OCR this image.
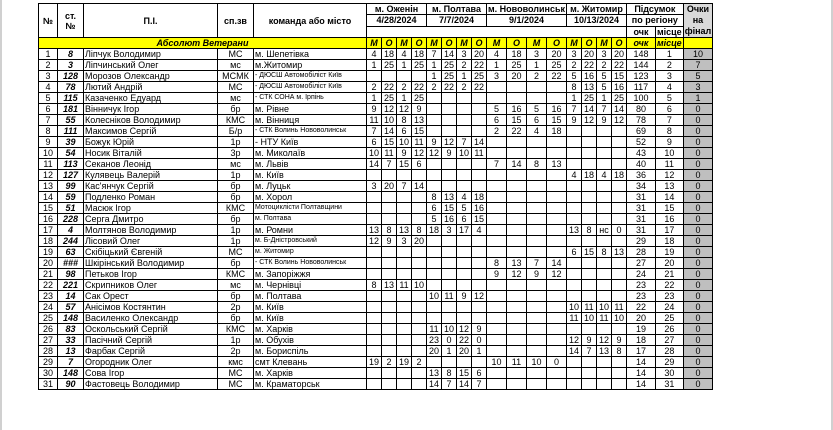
№	ст. №	П.І.	сп.зв	команда або місто	м. Оженін				м. Полтава				м. Нововолинськ				м. Житомир				Підсумок		Очки
на
фінал
					4/28/2024				7/7/2024				9/1/2024				10/13/2024				по регіону		
																					очк	місце	
Абсолют Ветерани					М	О	М	О	М	О	М	О	М	О	М	О	М	О	М	О	очк	місце	
1	8	Ліпчук Володимир	МС	м. Шепетівка	4	18	4	18	7	14	3	20	4	18	3	20	3	20	3	20	148	1	10
2	3	Ліпчинський Олег	мс	м.Житомир	1	25	1	25	1	25	2	22	1	25	1	25	2	22	2	22	144	2	7
3	128	Морозов Олександр	МСМК	- ДЮСШ Автомобіліст Київ					1	25	1	25	3	20	2	22	5	16	5	15	123	3	5
4	78	Лютий Андрій	МС	- ДЮСШ Автомобіліст Київ	2	22	2	22	2	22	2	22					8	13	5	16	117	4	3
5	115	Казаченко Едуард	мс	- СТК СОНА м. Ірпінь	1	25	1	25									1	25	1	25	100	5	1
6	181	Вінничук Ігор	бр	м. Рівне	9	12	12	9					5	16	5	16	7	14	7	14	80	6	0
7	55	Колесніков Володимир	КМС	м. Вінниця	11	10	8	13					6	15	6	15	9	12	9	12	78	7	0
8	111	Максимов Сергій	Б/р	- СТК Волинь Нововолинськ	7	14	6	15					2	22	4	18					69	8	0
9	39	Божук Юрій	1р	- НТУ Київ	6	15	10	11	9	12	7	14									52	9	0
10	54	Носик Віталій	3р	м. Миколаїв	10	11	9	12	12	9	10	11									43	10	0
11	113	Секанов Леонід	мс	м. Львів	14	7	15	6					7	14	8	13					40	11	0
12	127	Кулявець Валерій	1р	м. Київ													4	18	4	18	36	12	0
13	99	Кас'янчук Сергій	бр	м. Луцьк	3	20	7	14													34	13	0
14	59	Подленко Роман	бр	м. Хорол					8	13	4	18									31	14	0
15	51	Масюк Ігор	КМС	Мотоциклісти Полтавщини					6	15	5	16									31	15	0
16	228	Серга Дмитро	бр	м. Полтава					5	16	6	15									31	16	0
17	4	Молтянов Володимир	1р	м. Ромни	13	8	13	8	18	3	17	4					13	8	нс	0	31	17	0
18	244	Лісовий Олег	1р	м. Б-Дністровський	12	9	3	20													29	18	0
19	63	Скібіцький Євгеній	МС	м. Житомир													6	15	8	13	28	19	0
20	###	Шкірінський Володимир	бр	- СТК Волинь Нововолинськ									8	13	7	14					27	20	0
21	98	Петьков Ігор	КМС	м. Запоріжжя									9	12	9	12					24	21	0
22	221	Скрипников Олег	мс	м. Чернівці	8	13	11	10													23	22	0
23	14	Сак Орест	бр	м. Полтава					10	11	9	12									23	23	0
24	57	Анісімов Костянтин	2р	м. Київ													10	11	10	11	22	24	0
25	148	Василенко Олександр	бр	м. Київ													11	10	11	10	20	25	0
26	83	Оскольський Сергій	КМС	м. Харків					11	10	12	9									19	26	0
27	33	Пасічний Сергій	1р	м. Обухів					23	0	22	0					12	9	12	9	18	27	0
28	13	Фарбак Сергій	2р	м. Бориспіль					20	1	20	1					14	7	13	8	17	28	0
29	7	Огородник Олег	кмс	смт Клевань	19	2	19	2					10	11	10	0					14	29	0
30	148	Сова Ігор	МС	м. Харків					13	8	15	6									14	30	0
31	90	Фастовець Володимир	МС	м. Краматорськ					14	7	14	7									14	31	0
